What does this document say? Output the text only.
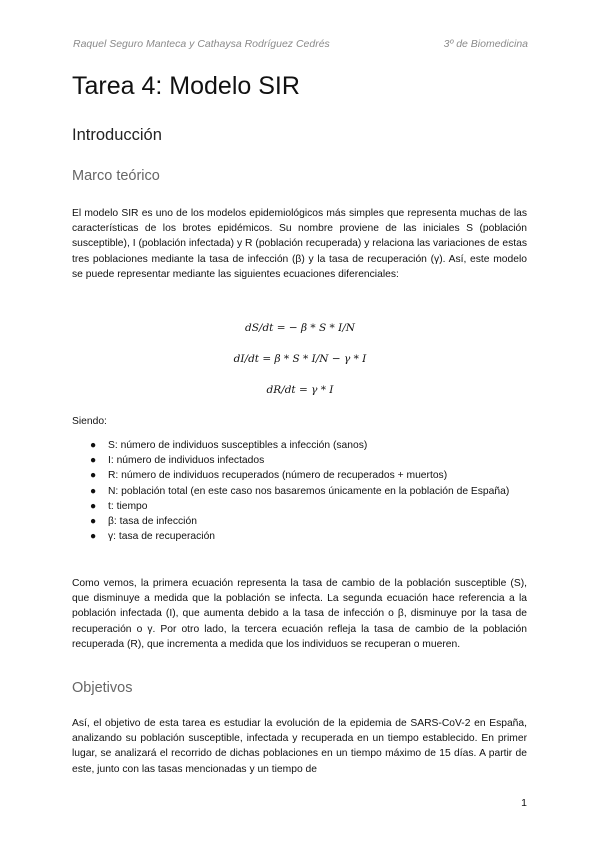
Raquel Seguro Manteca y Cathaysa Rodríguez Cedrés	3º de Biomedicina
Tarea 4: Modelo SIR
Introducción
Marco teórico

El modelo SIR es uno de los modelos epidemiológicos más simples que representa muchas de las características de los brotes epidémicos. Su nombre proviene de las iniciales S (población susceptible), I (población infectada) y R (población recuperada) y relaciona las variaciones de estas tres poblaciones mediante la tasa de infección (β) y la tasa de recuperación (γ). Así, este modelo se puede representar mediante las siguientes ecuaciones diferenciales:

dS/dt = − β * S * I/N
dI/dt = β * S * I/N − γ * I
dR/dt = γ * I

Siendo:

● S: número de individuos susceptibles a infección (sanos)
● I: número de individuos infectados
● R: número de individuos recuperados (número de recuperados + muertos)
● N: población total (en este caso nos basaremos únicamente en la población de España)
● t: tiempo
● β: tasa de infección
● γ: tasa de recuperación

Como vemos, la primera ecuación representa la tasa de cambio de la población susceptible (S), que disminuye a medida que la población se infecta. La segunda ecuación hace referencia a la población infectada (I), que aumenta debido a la tasa de infección o β, disminuye por la tasa de recuperación o γ. Por otro lado, la tercera ecuación refleja la tasa de cambio de la población recuperada (R), que incrementa a medida que los individuos se recuperan o mueren.

Objetivos

Así, el objetivo de esta tarea es estudiar la evolución de la epidemia de SARS-CoV-2 en España, analizando su población susceptible, infectada y recuperada en un tiempo establecido. En primer lugar, se analizará el recorrido de dichas poblaciones en un tiempo máximo de 15 días. A partir de este, junto con las tasas mencionadas y un tiempo de

1
